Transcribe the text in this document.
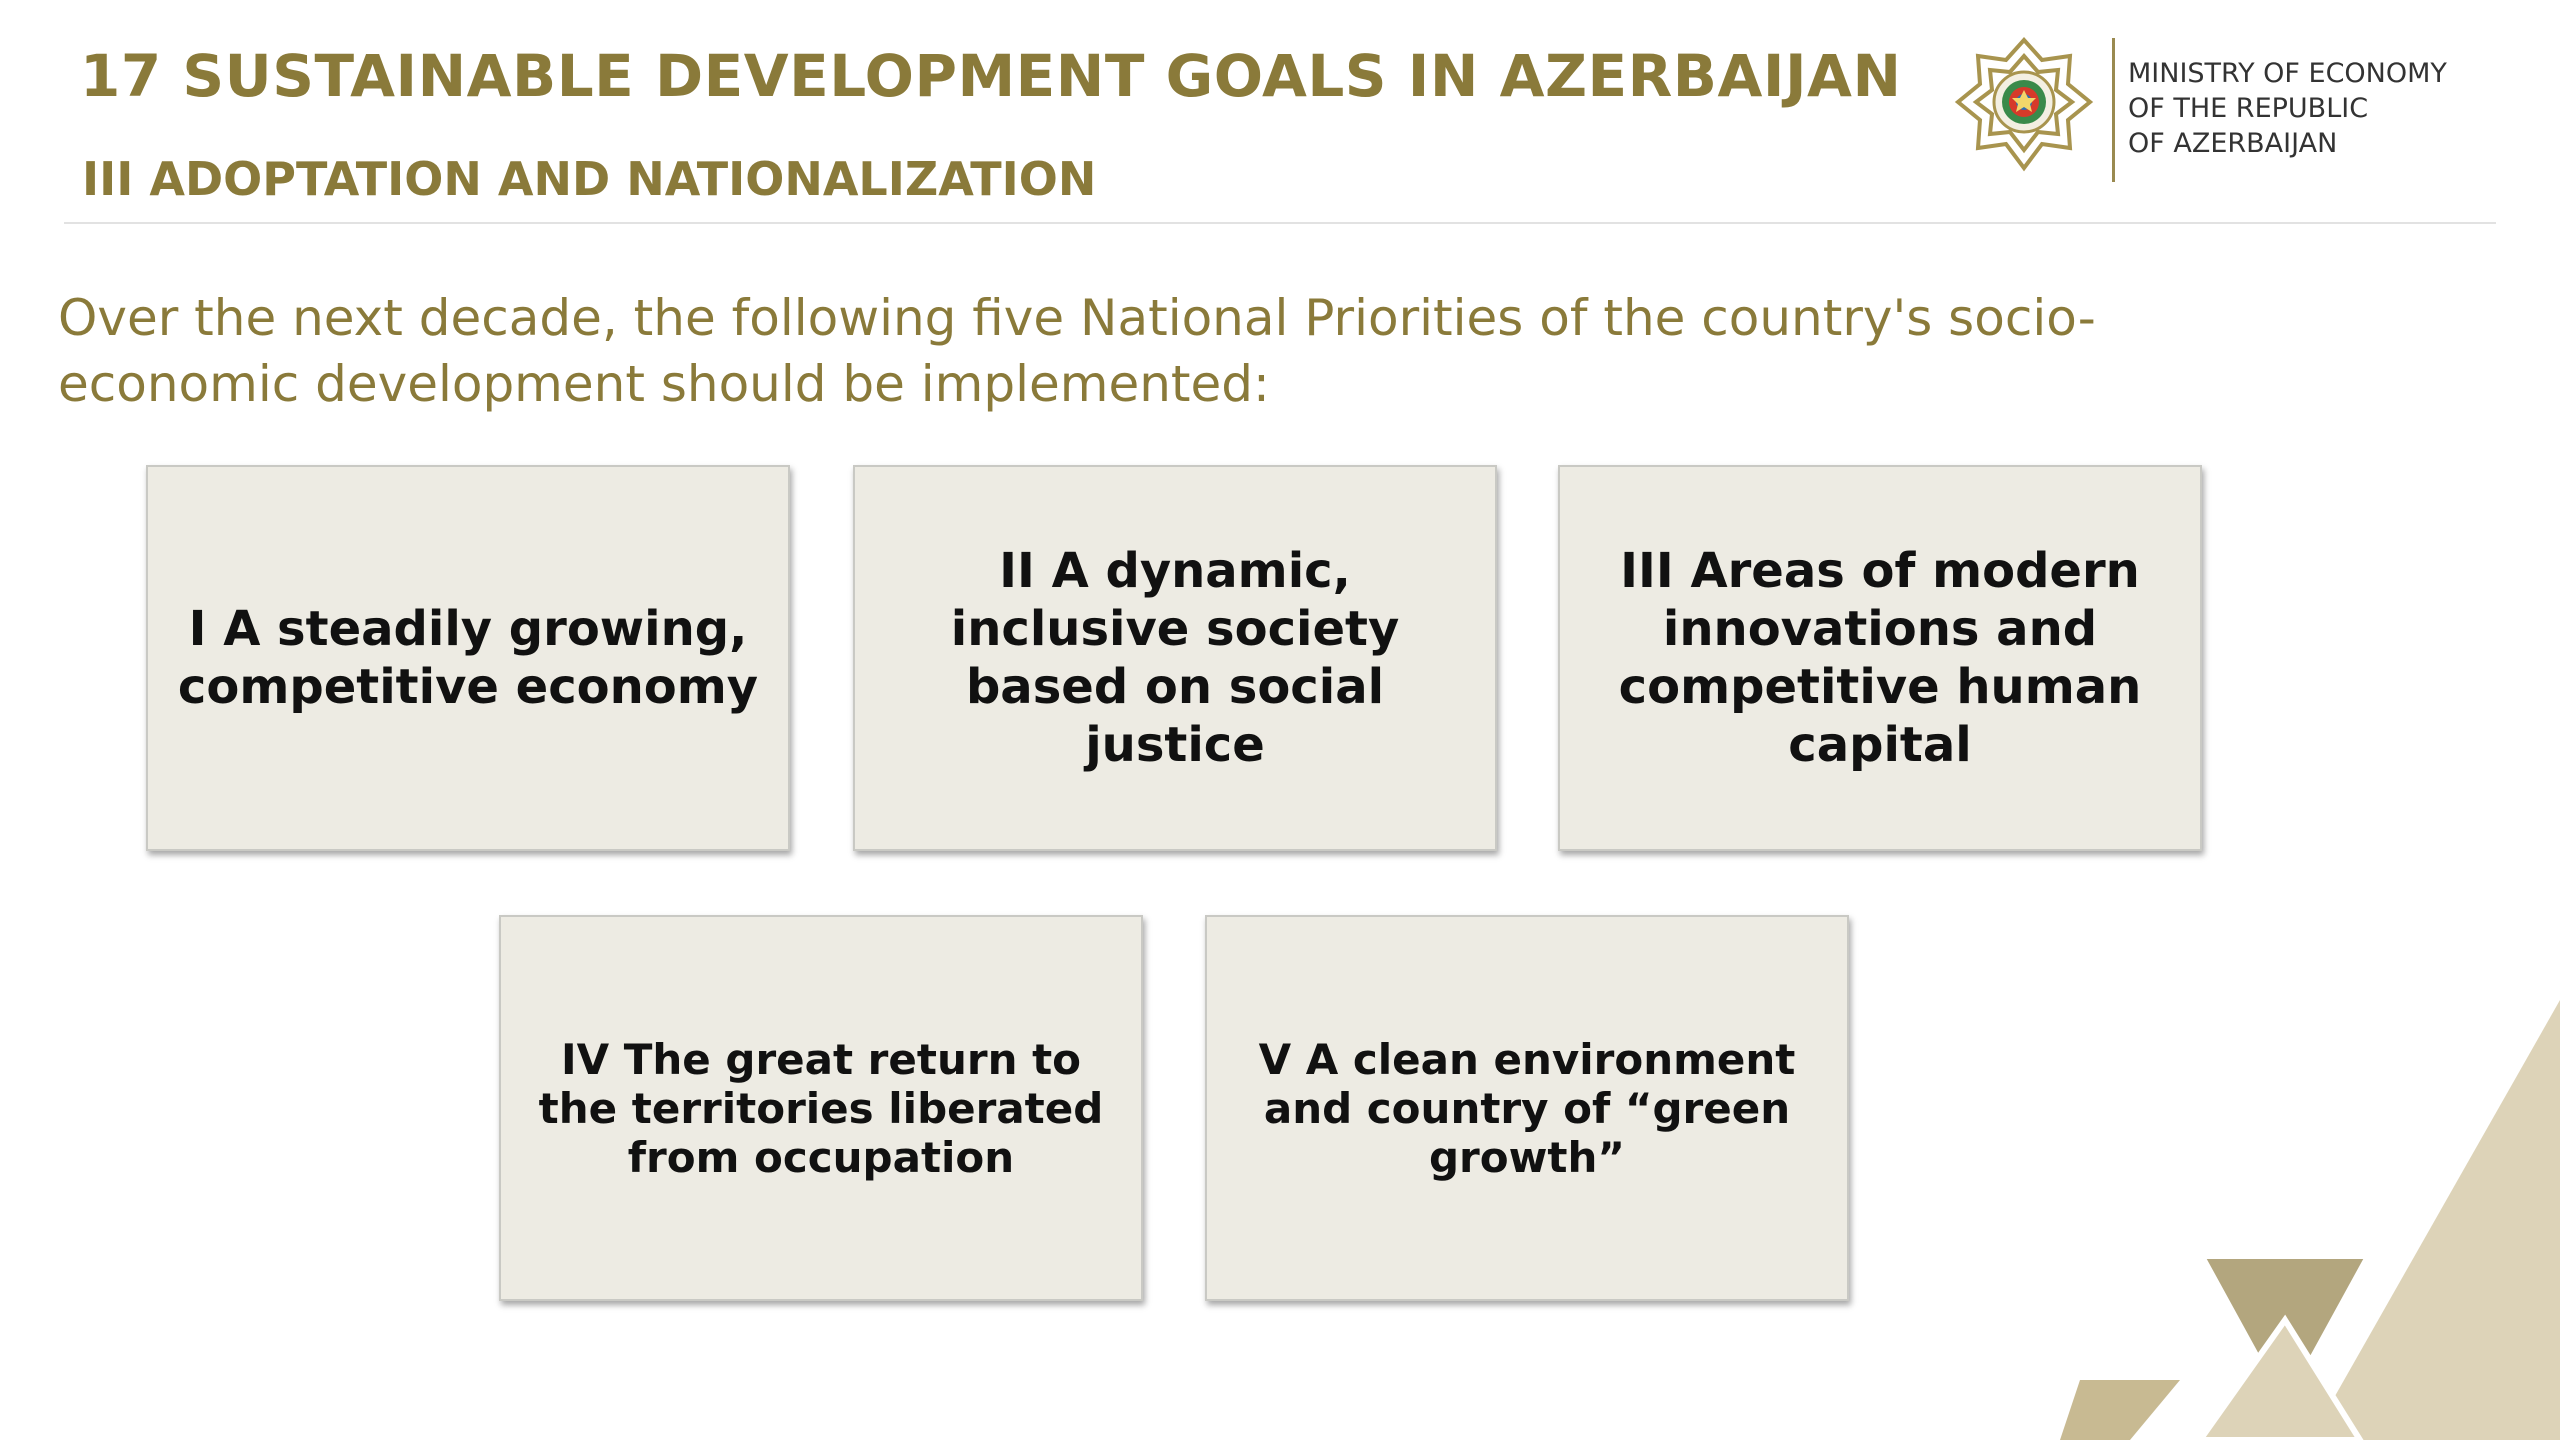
17 SUSTAINABLE DEVELOPMENT GOALS IN AZERBAIJAN
III ADOPTATION AND NATIONALIZATION
MINISTRY OF ECONOMY
OF THE REPUBLIC
OF AZERBAIJAN
Over the next decade, the following five National Priorities of the country's socio-economic development should be implemented:
I A steadily growing, competitive economy
II A dynamic, inclusive society based on social justice
III Areas of modern innovations and competitive human capital
IV The great return to the territories liberated from occupation
V A clean environment and country of “green growth”
